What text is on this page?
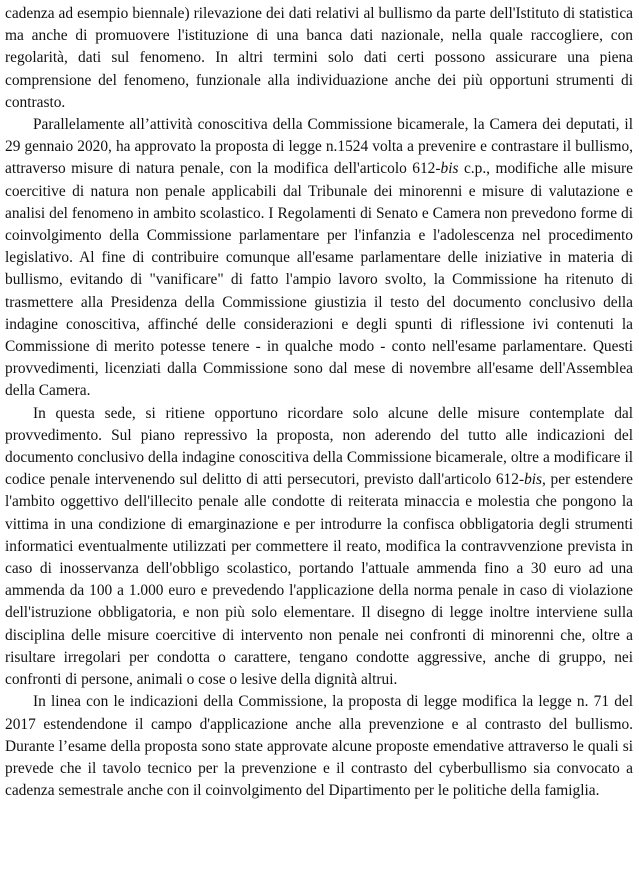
cadenza ad esempio biennale) rilevazione dei dati relativi al bullismo da parte dell'Istituto di statistica ma anche di promuovere l'istituzione di una banca dati nazionale, nella quale raccogliere, con regolarità, dati sul fenomeno. In altri termini solo dati certi possono assicurare una piena comprensione del fenomeno, funzionale alla individuazione anche dei più opportuni strumenti di contrasto.

Parallelamente all’attività conoscitiva della Commissione bicamerale, la Camera dei deputati, il 29 gennaio 2020, ha approvato la proposta di legge n.1524 volta a prevenire e contrastare il bullismo, attraverso misure di natura penale, con la modifica dell'articolo 612-bis c.p., modifiche alle misure coercitive di natura non penale applicabili dal Tribunale dei minorenni e misure di valutazione e analisi del fenomeno in ambito scolastico. I Regolamenti di Senato e Camera non prevedono forme di coinvolgimento della Commissione parlamentare per l'infanzia e l'adolescenza nel procedimento legislativo. Al fine di contribuire comunque all'esame parlamentare delle iniziative in materia di bullismo, evitando di "vanificare" di fatto l'ampio lavoro svolto, la Commissione ha ritenuto di trasmettere alla Presidenza della Commissione giustizia il testo del documento conclusivo della indagine conoscitiva, affinché delle considerazioni e degli spunti di riflessione ivi contenuti la Commissione di merito potesse tenere - in qualche modo - conto nell'esame parlamentare. Questi provvedimenti, licenziati dalla Commissione sono dal mese di novembre all'esame dell'Assemblea della Camera.

In questa sede, si ritiene opportuno ricordare solo alcune delle misure contemplate dal provvedimento. Sul piano repressivo la proposta, non aderendo del tutto alle indicazioni del documento conclusivo della indagine conoscitiva della Commissione bicamerale, oltre a modificare il codice penale intervenendo sul delitto di atti persecutori, previsto dall'articolo 612-bis, per estendere l'ambito oggettivo dell'illecito penale alle condotte di reiterata minaccia e molestia che pongono la vittima in una condizione di emarginazione e per introdurre la confisca obbligatoria degli strumenti informatici eventualmente utilizzati per commettere il reato, modifica la contravvenzione prevista in caso di inosservanza dell'obbligo scolastico, portando l'attuale ammenda fino a 30 euro ad una ammenda da 100 a 1.000 euro e prevedendo l'applicazione della norma penale in caso di violazione dell'istruzione obbligatoria, e non più solo elementare. Il disegno di legge inoltre interviene sulla disciplina delle misure coercitive di intervento non penale nei confronti di minorenni che, oltre a risultare irregolari per condotta o carattere, tengano condotte aggressive, anche di gruppo, nei confronti di persone, animali o cose o lesive della dignità altrui.

In linea con le indicazioni della Commissione, la proposta di legge modifica la legge n. 71 del 2017 estendendone il campo d'applicazione anche alla prevenzione e al contrasto del bullismo. Durante l’esame della proposta sono state approvate alcune proposte emendative attraverso le quali si prevede che il tavolo tecnico per la prevenzione e il contrasto del cyberbullismo sia convocato a cadenza semestrale anche con il coinvolgimento del Dipartimento per le politiche della famiglia.
